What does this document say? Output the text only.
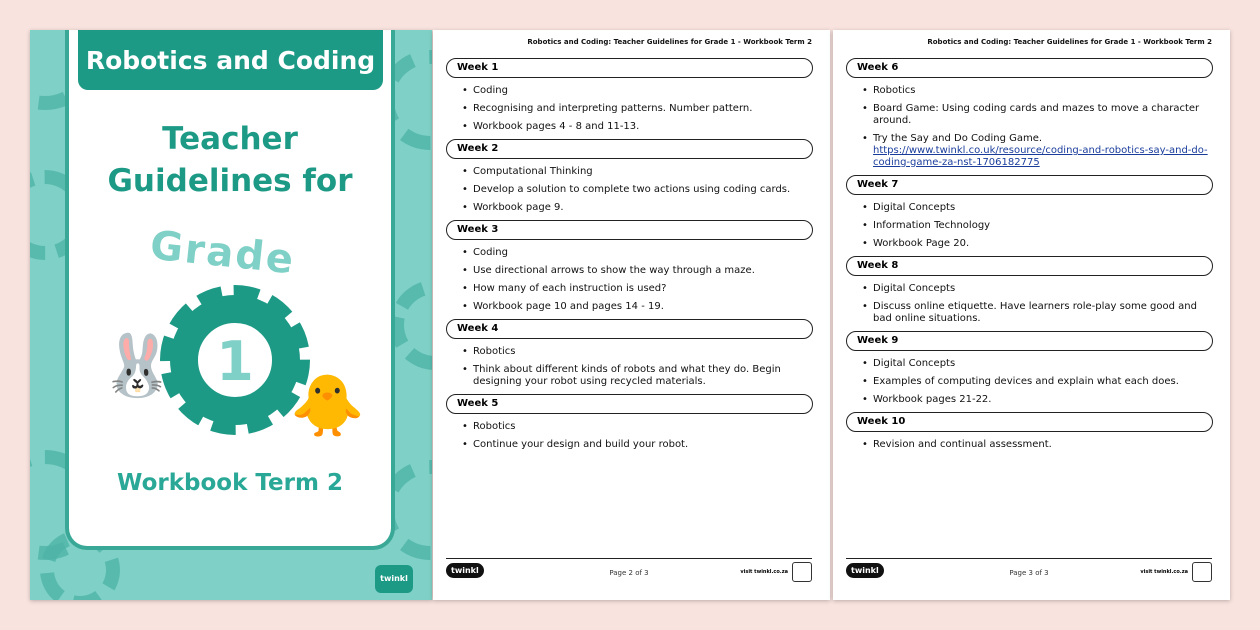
Robotics and Coding
Teacher
Guidelines for
Grade
1
🐰
🐥
Workbook Term 2
twinkl
Robotics and Coding: Teacher Guidelines for Grade 1 - Workbook Term 2
Week 1
• Coding
• Recognising and interpreting patterns. Number pattern.
• Workbook pages 4 - 8 and 11-13.
Week 2
• Computational Thinking
• Develop a solution to complete two actions using coding cards.
• Workbook page 9.
Week 3
• Coding
• Use directional arrows to show the way through a maze.
• How many of each instruction is used?
• Workbook page 10 and pages 14 - 19.
Week 4
• Robotics
• Think about different kinds of robots and what they do. Begin designing your robot using recycled materials.
Week 5
• Robotics
• Continue your design and build your robot.
twinkl	Page 2 of 3	visit twinkl.co.za
Robotics and Coding: Teacher Guidelines for Grade 1 - Workbook Term 2
Week 6
• Robotics
• Board Game: Using coding cards and mazes to move a character around.
• Try the Say and Do Coding Game.
https://www.twinkl.co.uk/resource/coding-and-robotics-say-and-do-coding-game-za-nst-1706182775
Week 7
• Digital Concepts
• Information Technology
• Workbook Page 20.
Week 8
• Digital Concepts
• Discuss online etiquette. Have learners role-play some good and bad online situations.
Week 9
• Digital Concepts
• Examples of computing devices and explain what each does.
• Workbook pages 21-22.
Week 10
• Revision and continual assessment.
twinkl	Page 3 of 3	visit twinkl.co.za
